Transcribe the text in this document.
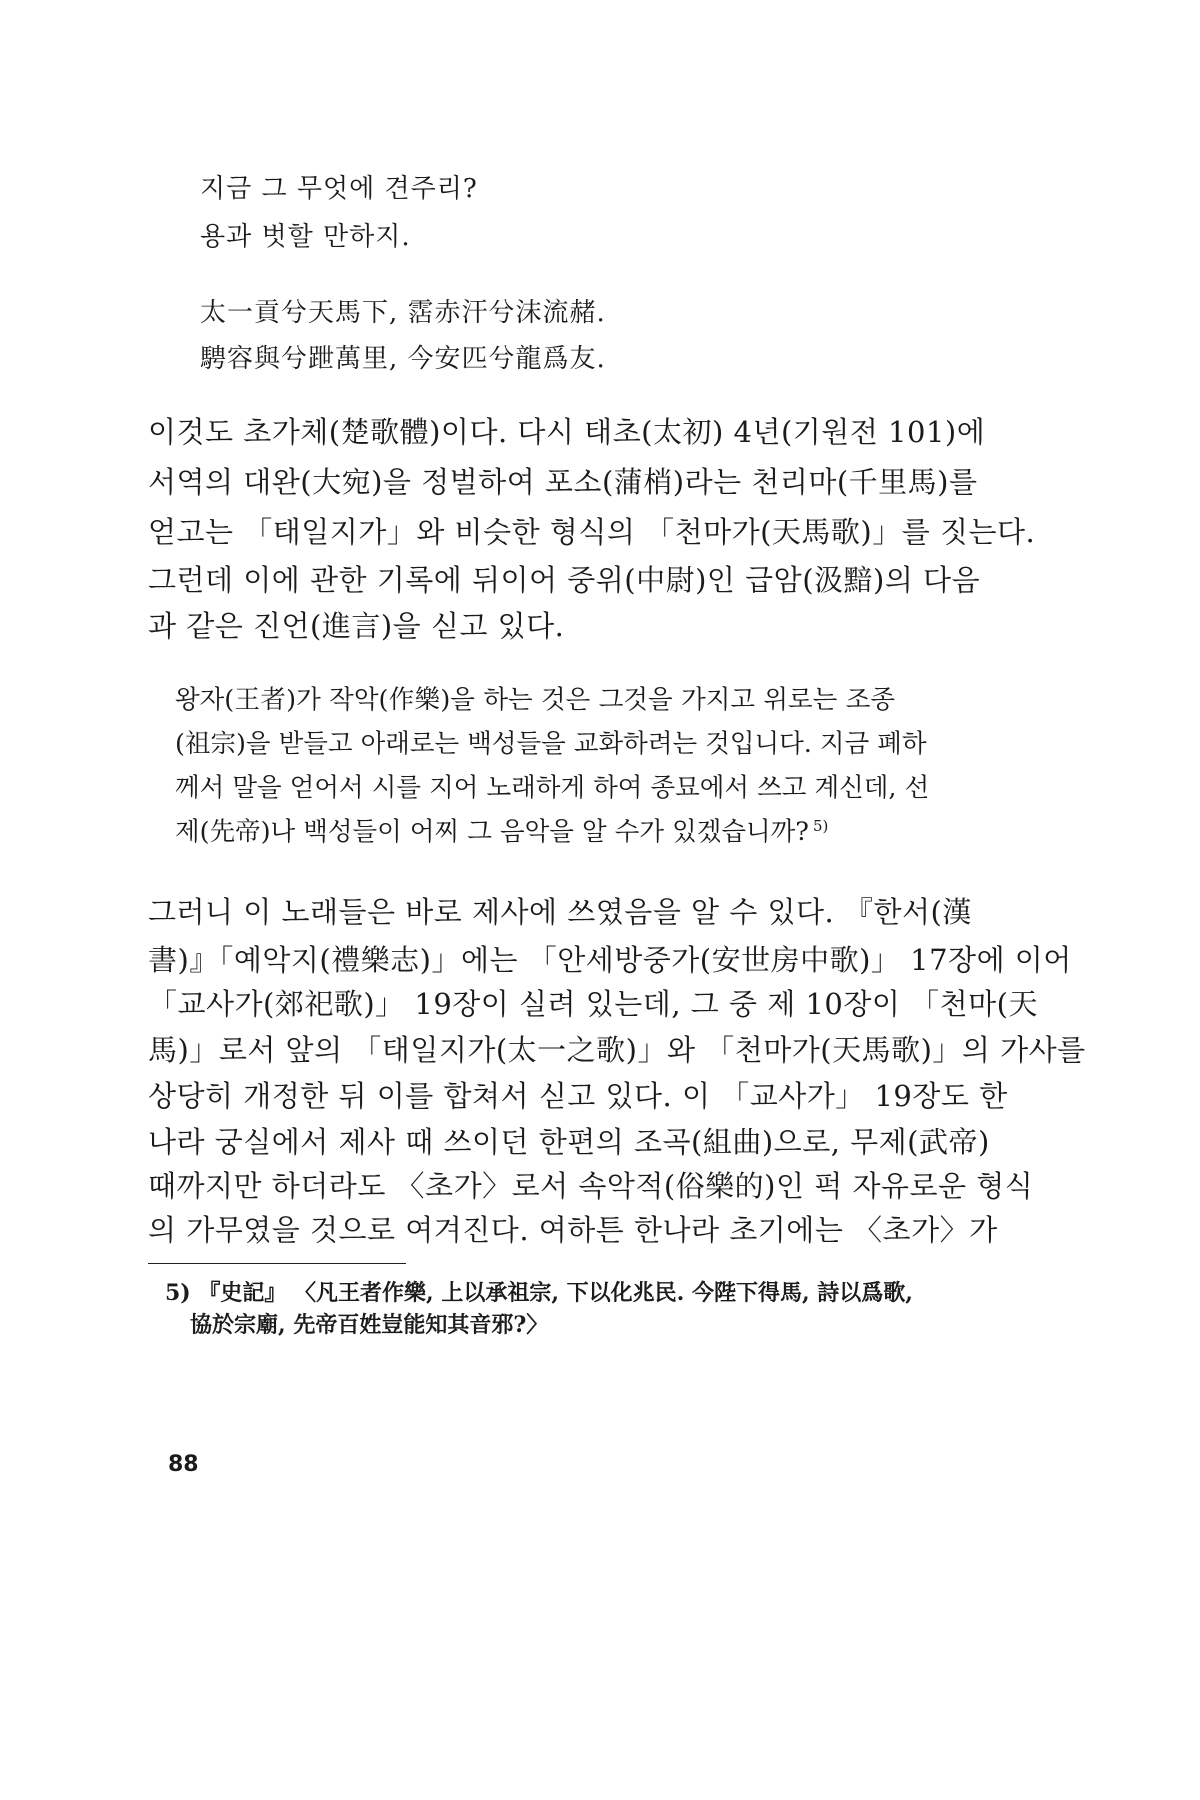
지금 그 무엇에 견주리?
용과 벗할 만하지.
太一貢兮天馬下, 霑赤汗兮沫流赭.
騁容與兮跇萬里, 今安匹兮龍爲友.
이것도 초가체(楚歌體)이다. 다시 태초(太初) 4년(기원전 101)에
서역의 대완(大宛)을 정벌하여 포소(蒲梢)라는 천리마(千里馬)를
얻고는 「태일지가」와 비슷한 형식의 「천마가(天馬歌)」를 짓는다.
그런데 이에 관한 기록에 뒤이어 중위(中尉)인 급암(汲黯)의 다음
과 같은 진언(進言)을 싣고 있다.
왕자(王者)가 작악(作樂)을 하는 것은 그것을 가지고 위로는 조종
(祖宗)을 받들고 아래로는 백성들을 교화하려는 것입니다. 지금 폐하
께서 말을 얻어서 시를 지어 노래하게 하여 종묘에서 쓰고 계신데, 선
제(先帝)나 백성들이 어찌 그 음악을 알 수가 있겠습니까? $^{5)}$
그러니 이 노래들은 바로 제사에 쓰였음을 알 수 있다. 『한서(漢
書)』「예악지(禮樂志)」에는 「안세방중가(安世房中歌)」 17장에 이어
「교사가(郊祀歌)」 19장이 실려 있는데, 그 중 제 10장이 「천마(天
馬)」로서 앞의 「태일지가(太一之歌)」와 「천마가(天馬歌)」의 가사를
상당히 개정한 뒤 이를 합쳐서 싣고 있다. 이 「교사가」 19장도 한
나라 궁실에서 제사 때 쓰이던 한편의 조곡(組曲)으로, 무제(武帝)
때까지만 하더라도 〈초가〉로서 속악적(俗樂的)인 퍽 자유로운 형식
의 가무였을 것으로 여겨진다. 여하튼 한나라 초기에는 〈초가〉가
5) 『史記』 〈凡王者作樂, 上以承祖宗, 下以化兆民. 今陛下得馬, 詩以爲歌,
協於宗廟, 先帝百姓豈能知其音邪?〉
88
